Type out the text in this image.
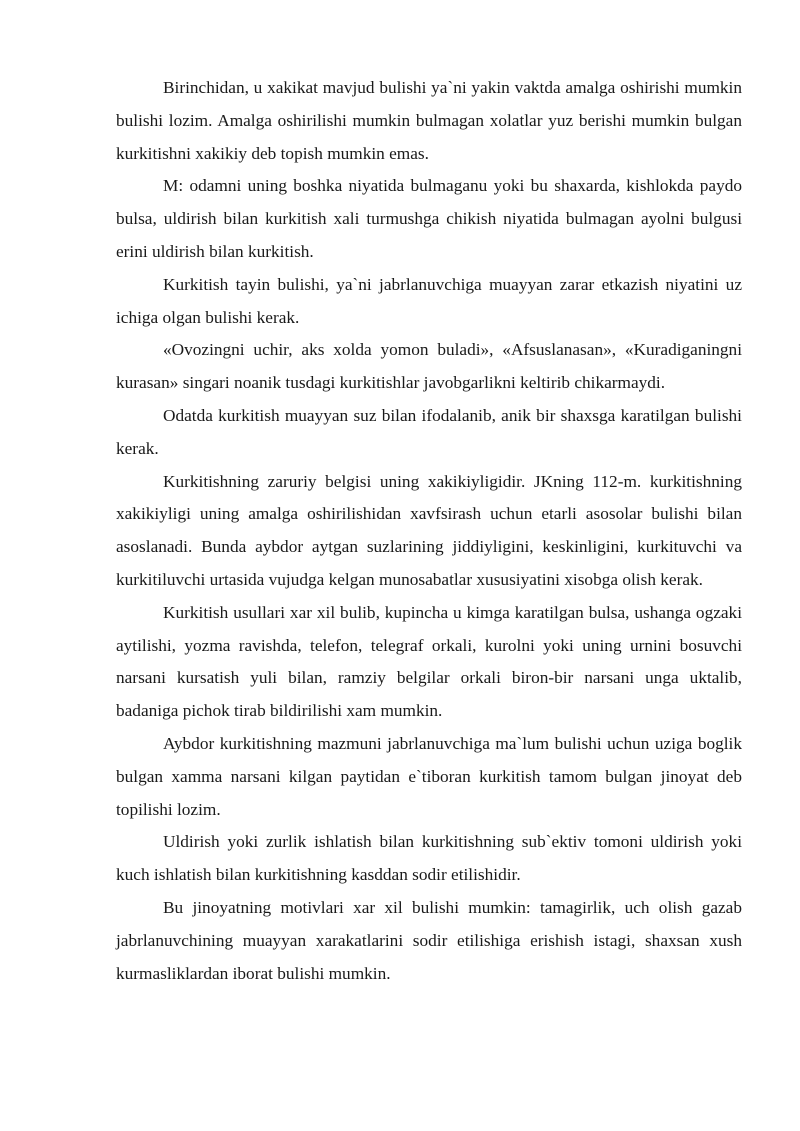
Birinchidan, u xakikat mavjud bulishi ya`ni yakin vaktda amalga oshirishi mumkin bulishi lozim. Amalga oshirilishi mumkin bulmagan xolatlar yuz berishi mumkin bulgan kurkitishni xakikiy deb topish mumkin emas.

M: odamni uning boshka niyatida bulmaganu yoki bu shaxarda, kishlokda paydo bulsa, uldirish bilan kurkitish xali turmushga chikish niyatida bulmagan ayolni bulgusi erini uldirish bilan kurkitish.

Kurkitish tayin bulishi, ya`ni jabrlanuvchiga muayyan zarar etkazish niyatini uz ichiga olgan bulishi kerak.

«Ovozingni uchir, aks xolda yomon buladi», «Afsuslanasan», «Kuradiganingni kurasan» singari noanik tusdagi kurkitishlar javobgarlikni keltirib chikarmaydi.

Odatda kurkitish muayyan suz bilan ifodalanib, anik bir shaxsga karatilgan bulishi kerak.

Kurkitishning zaruriy belgisi uning xakikiyligidir. JKning 112-m. kurkitishning xakikiyligi uning amalga oshirilishidan xavfsirash uchun etarli asosolar bulishi bilan asoslanadi. Bunda aybdor aytgan suzlarining jiddiyligini, keskinligini, kurkituvchi va kurkitiluvchi urtasida vujudga kelgan munosabatlar xususiyatini xisobga olish kerak.

Kurkitish usullari xar xil bulib, kupincha u kimga karatilgan bulsa, ushanga ogzaki aytilishi, yozma ravishda, telefon, telegraf orkali, kurolni yoki uning urnini bosuvchi narsani kursatish yuli bilan, ramziy belgilar orkali biron-bir narsani unga uktalib, badaniga pichok tirab bildirilishi xam mumkin.

Aybdor kurkitishning mazmuni jabrlanuvchiga ma`lum bulishi uchun uziga boglik bulgan xamma narsani kilgan paytidan e`tiboran kurkitish tamom bulgan jinoyat deb topilishi lozim.

Uldirish yoki zurlik ishlatish bilan kurkitishning sub`ektiv tomoni uldirish yoki kuch ishlatish bilan kurkitishning kasddan sodir etilishidir.

Bu jinoyatning motivlari xar xil bulishi mumkin: tamagirlik, uch olish gazab jabrlanuvchining muayyan xarakatlarini sodir etilishiga erishish istagi, shaxsan xush kurmasliklardan iborat bulishi mumkin.
